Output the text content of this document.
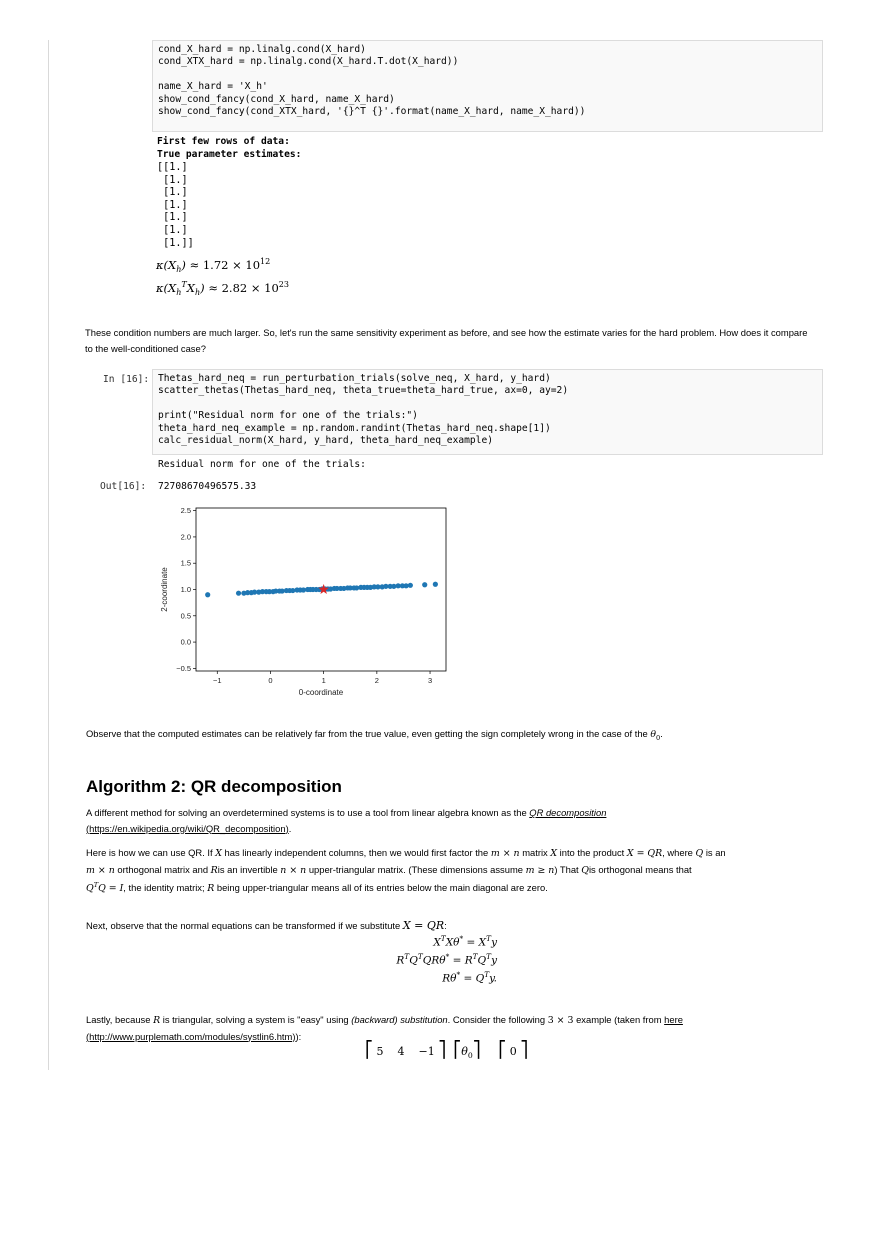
cond_X_hard = np.linalg.cond(X_hard)
cond_XTX_hard = np.linalg.cond(X_hard.T.dot(X_hard))

name_X_hard = 'X_h'
show_cond_fancy(cond_X_hard, name_X_hard)
show_cond_fancy(cond_XTX_hard, '{}^T {}'.format(name_X_hard, name_X_hard))
First few rows of data:
True parameter estimates:
[[1.]
[1.]
[1.]
[1.]
[1.]
[1.]
[1.]]
$\kappa(X_h) \approx 1.72 \times 10^{12}$
$\kappa(X_h^TX_h) \approx 2.82 \times 10^{23}$
These condition numbers are much larger. So, let's run the same sensitivity experiment as before, and see how the estimate varies for the hard problem. How does it compare to the well-conditioned case?
In [16]: Thetas_hard_neq = run_perturbation_trials(solve_neq, X_hard, y_hard)
scatter_thetas(Thetas_hard_neq, theta_true=theta_hard_true, ax=0, ay=2)

print("Residual norm for one of the trials:")
theta_hard_neq_example = np.random.randint(Thetas_hard_neq.shape[1])
calc_residual_norm(X_hard, y_hard, theta_hard_neq_example)
Residual norm for one of the trials:
Out[16]: 72708670496575.33
−1	0	1	2	3
−0.5
0.0
0.5
1.0
1.5
2.0
2.5
0-coordinate
2-coordinate
Observe that the computed estimates can be relatively far from the true value, even getting the sign completely wrong in the case of the $\theta_0$.
Algorithm 2: QR decomposition
A different method for solving an overdetermined systems is to use a tool from linear algebra known as the QR decomposition
(https://en.wikipedia.org/wiki/QR_decomposition).
Here is how we can use QR. If X has linearly independent columns, then we would first factor the m × n matrix X into the product X = QR, where Q is an
m × n orthogonal matrix and Ris an invertible n × n upper-triangular matrix. (These dimensions assume m ≥ n) That Qis orthogonal means that
$Q^TQ = I$, the identity matrix; R being upper-triangular means all of its entries below the main diagonal are zero.
Next, observe that the normal equations can be transformed if we substitute X = QR:
$X^TX\theta^* = X^Ty$
$R^TQ^TQR\theta^* = R^TQ^Ty$
$R\theta^* = Q^Ty$.
Lastly, because R is triangular, solving a system is "easy" using (backward) substitution. Consider the following 3 × 3 example (taken from here
(http://www.purplemath.com/modules/systlin6.htm)):
⎡ 5 4 −1 ⎤ $⎡\theta_0⎤$ ⎡ 0 ⎤
